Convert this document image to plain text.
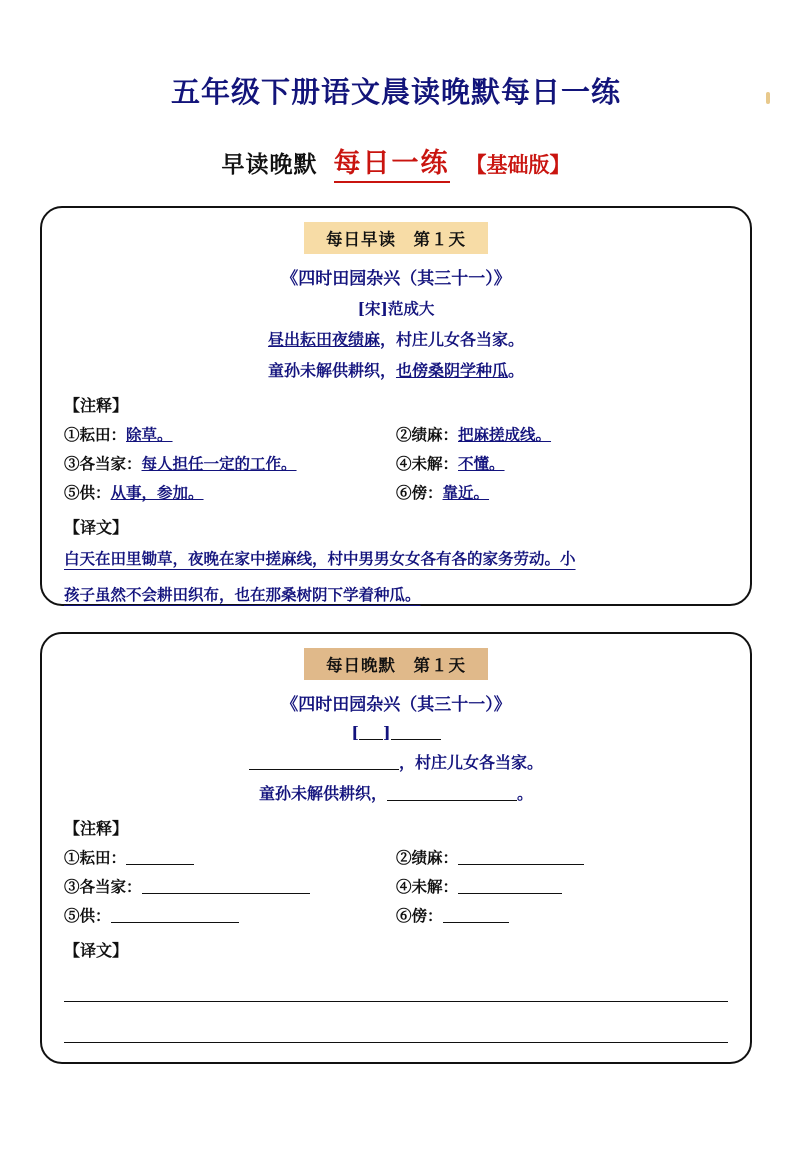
五年级下册语文晨读晚默每日一练
早读晚默 每日一练 【基础版】
每日早读　第１天
《四时田园杂兴（其三十一）》
[宋]范成大
昼出耘田夜绩麻，村庄儿女各当家。
童孙未解供耕织，也傍桑阴学种瓜。
【注释】
①耘田：除草。	②绩麻：把麻搓成线。
③各当家：每人担任一定的工作。	④未解：不懂。
⑤供：从事，参加。	⑥傍：靠近。
【译文】
白天在田里锄草，夜晚在家中搓麻线，村中男男女女各有各的家务劳动。小
孩子虽然不会耕田织布，也在那桑树阴下学着种瓜。
每日晚默　第１天
《四时田园杂兴（其三十一）》
[ ]
，村庄儿女各当家。
童孙未解供耕织，	。
【注释】
①耘田：	②绩麻：
③各当家：	④未解：
⑤供：	⑥傍：
【译文】
